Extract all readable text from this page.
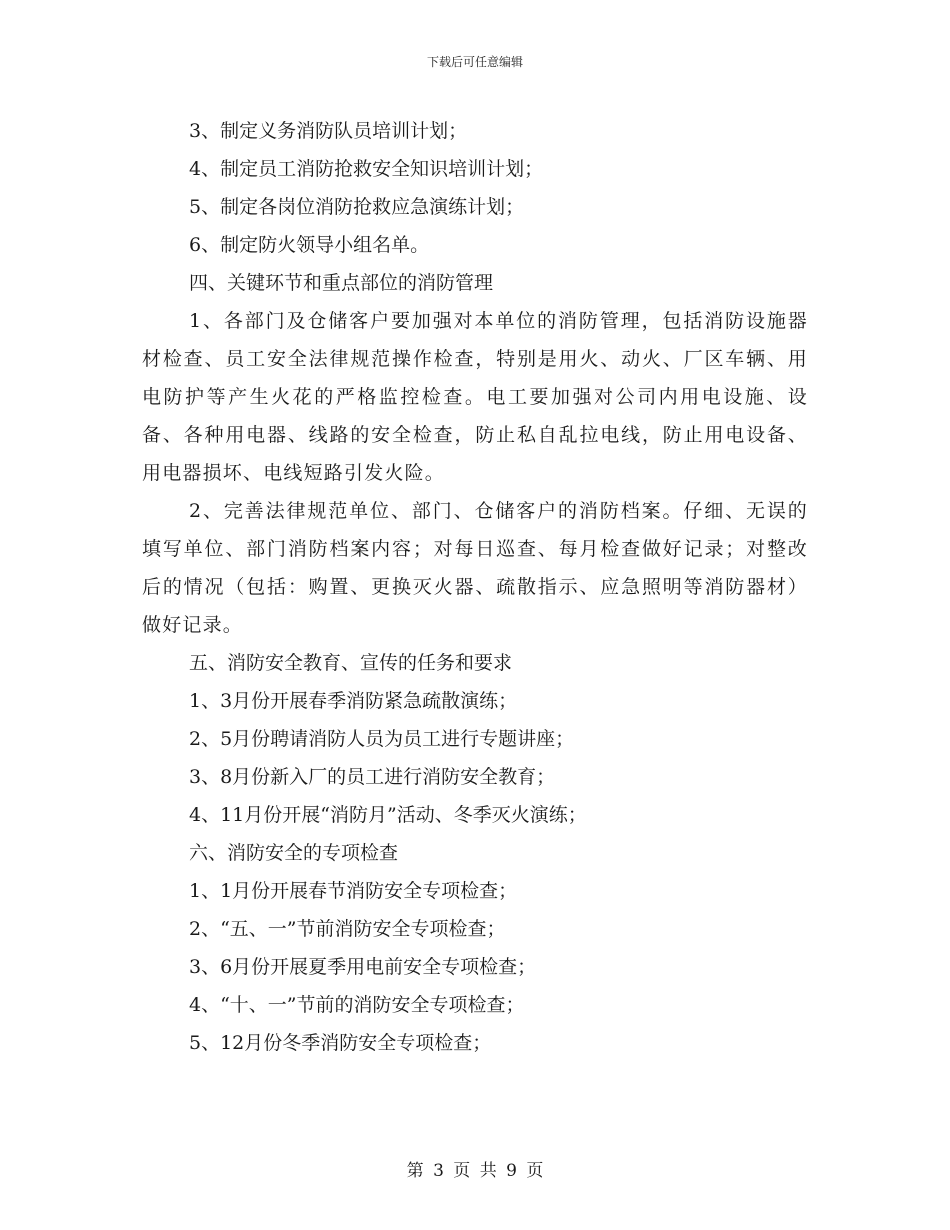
下载后可任意编辑

3、制定义务消防队员培训计划；

4、制定员工消防抢救安全知识培训计划；

5、制定各岗位消防抢救应急演练计划；

6、制定防火领导小组名单。

四、关键环节和重点部位的消防管理

1、各部门及仓储客户要加强对本单位的消防管理，包括消防设施器材检查、员工安全法律规范操作检查，特别是用火、动火、厂区车辆、用电防护等产生火花的严格监控检查。电工要加强对公司内用电设施、设备、各种用电器、线路的安全检查，防止私自乱拉电线，防止用电设备、用电器损坏、电线短路引发火险。

2、完善法律规范单位、部门、仓储客户的消防档案。仔细、无误的填写单位、部门消防档案内容；对每日巡查、每月检查做好记录；对整改后的情况（包括：购置、更换灭火器、疏散指示、应急照明等消防器材）做好记录。

五、消防安全教育、宣传的任务和要求

1、3月份开展春季消防紧急疏散演练；

2、5月份聘请消防人员为员工进行专题讲座；

3、8月份新入厂的员工进行消防安全教育；

4、11月份开展“消防月”活动、冬季灭火演练；

六、消防安全的专项检查

1、1月份开展春节消防安全专项检查；

2、“五、一”节前消防安全专项检查；

3、6月份开展夏季用电前安全专项检查；

4、“十、一”节前的消防安全专项检查；

5、12月份冬季消防安全专项检查；

第 3 页 共 9 页
